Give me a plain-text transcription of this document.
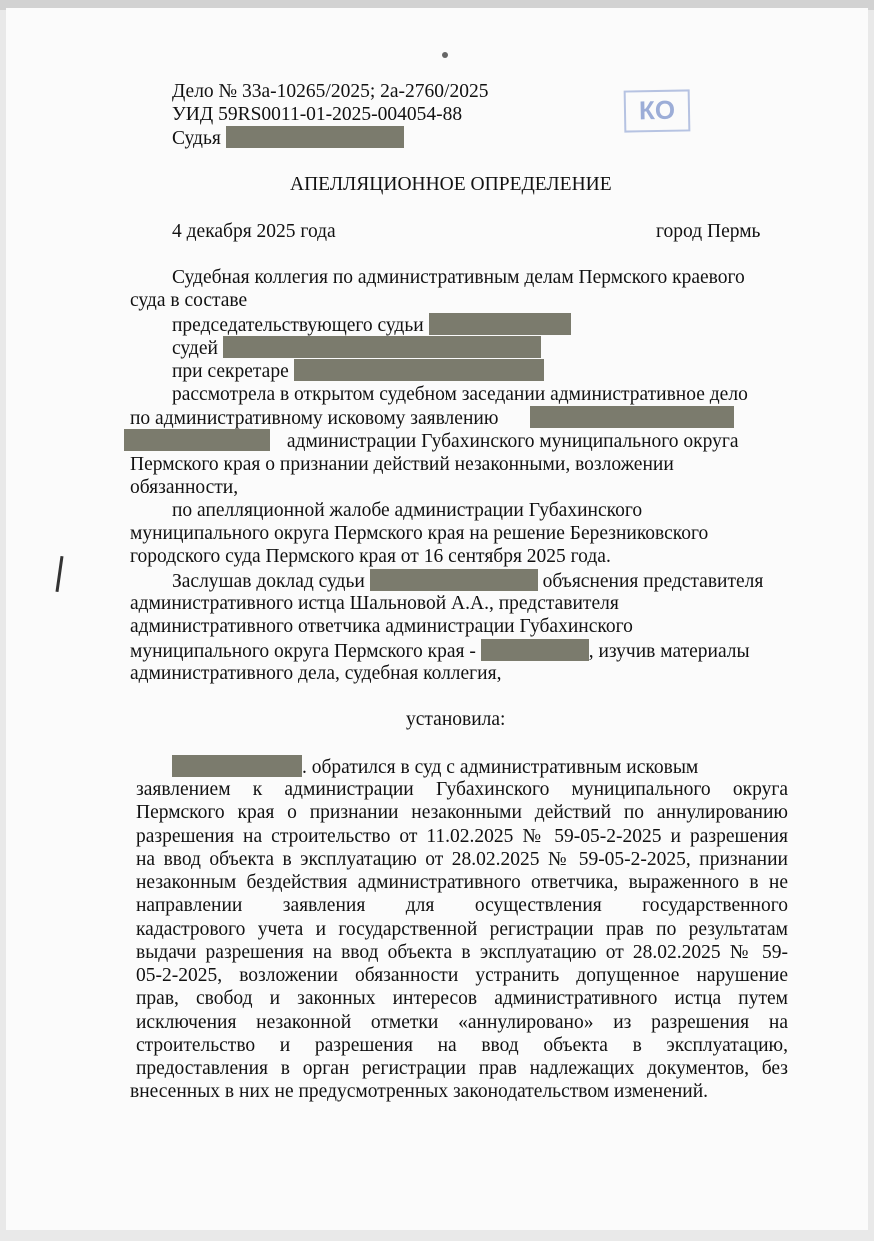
КО
Дело № 33а-10265/2025; 2а-2760/2025
УИД 59RS0011-01-2025-004054-88
Судья
АПЕЛЛЯЦИОННОЕ ОПРЕДЕЛЕНИЕ
4 декабря 2025 года	город Пермь
Судебная коллегия по административным делам Пермского краевого
суда в составе
председательствующего судьи
судей
при секретаре
рассмотрела в открытом судебном заседании административное дело
по административному исковому заявлению
администрации Губахинского муниципального округа
Пермского края о признании действий незаконными, возложении
обязанности,
по апелляционной жалобе администрации Губахинского
муниципального округа Пермского края на решение Березниковского
городского суда Пермского края от 16 сентября 2025 года.
Заслушав доклад судьи	объяснения представителя
административного истца Шальновой А.А., представителя
административного ответчика администрации Губахинского
муниципального округа Пермского края -	, изучив материалы
административного дела, судебная коллегия,
установила:
. обратился в суд с административным исковым
заявлением к администрации Губахинского муниципального округа
Пермского края о признании незаконными действий по аннулированию
разрешения на строительство от 11.02.2025 № 59-05-2-2025 и разрешения
на ввод объекта в эксплуатацию от 28.02.2025 № 59-05-2-2025, признании
незаконным бездействия административного ответчика, выраженного в не
направлении заявления для осуществления государственного
кадастрового учета и государственной регистрации прав по результатам
выдачи разрешения на ввод объекта в эксплуатацию от 28.02.2025 № 59-
05-2-2025, возложении обязанности устранить допущенное нарушение
прав, свобод и законных интересов административного истца путем
исключения незаконной отметки «аннулировано» из разрешения на
строительство и разрешения на ввод объекта в эксплуатацию,
предоставления в орган регистрации прав надлежащих документов, без
внесенных в них не предусмотренных законодательством изменений.
